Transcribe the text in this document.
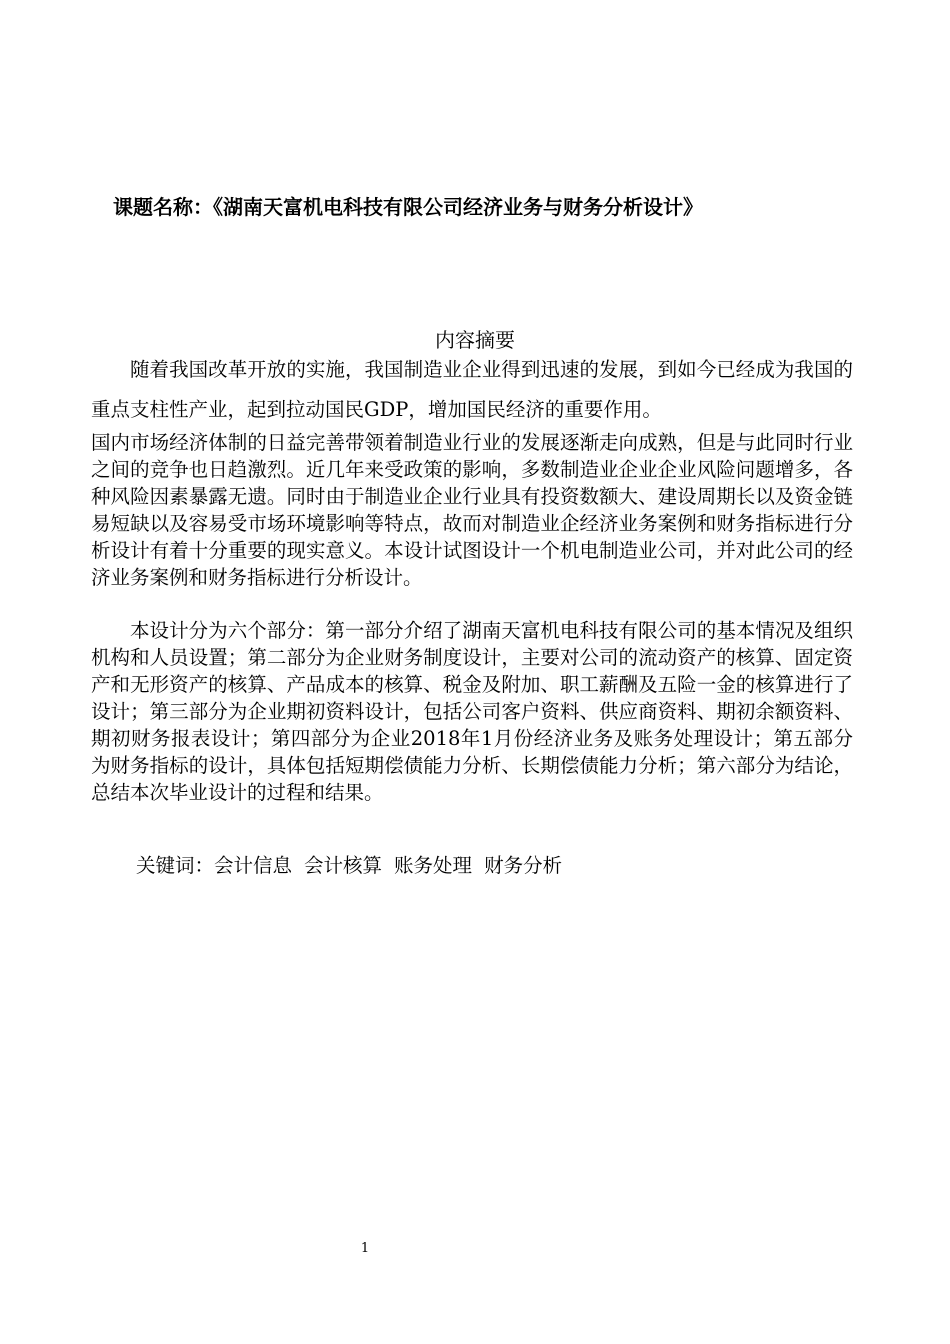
课题名称：《湖南天富机电科技有限公司经济业务与财务分析设计》
内容摘要

随着我国改革开放的实施，我国制造业企业得到迅速的发展，到如今已经成为我国的重点支柱性产业，起到拉动国民GDP，增加国民经济的重要作用。

国内市场经济体制的日益完善带领着制造业行业的发展逐渐走向成熟，但是与此同时行业之间的竞争也日趋激烈。近几年来受政策的影响，多数制造业企业企业风险问题增多，各种风险因素暴露无遗。同时由于制造业企业行业具有投资数额大、建设周期长以及资金链易短缺以及容易受市场环境影响等特点，故而对制造业企经济业务案例和财务指标进行分析设计有着十分重要的现实意义。本设计试图设计一个机电制造业公司，并对此公司的经济业务案例和财务指标进行分析设计。

本设计分为六个部分：第一部分介绍了湖南天富机电科技有限公司的基本情况及组织机构和人员设置；第二部分为企业财务制度设计，主要对公司的流动资产的核算、固定资产和无形资产的核算、产品成本的核算、税金及附加、职工薪酬及五险一金的核算进行了设计；第三部分为企业期初资料设计，包括公司客户资料、供应商资料、期初余额资料、期初财务报表设计；第四部分为企业2018年1月份经济业务及账务处理设计；第五部分为财务指标的设计，具体包括短期偿债能力分析、长期偿债能力分析；第六部分为结论，总结本次毕业设计的过程和结果。

关键词：会计信息 会计核算 账务处理 财务分析
1
